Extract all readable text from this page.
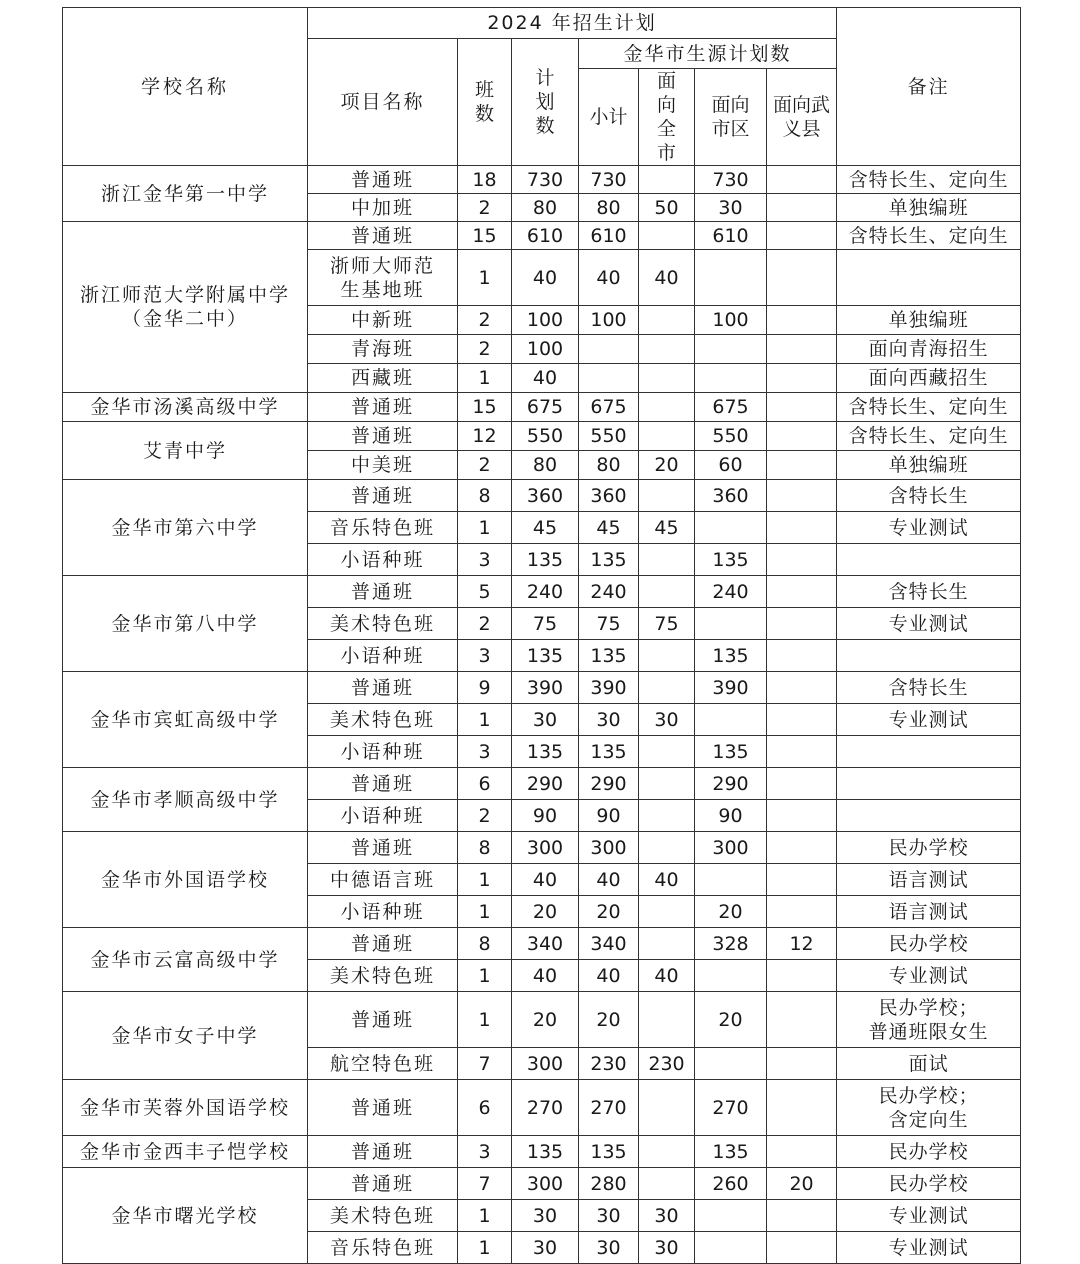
学校名称	2024 年招生计划							备注
	项目名称	班数	计划数	金华市生源计划数				
				小计	面向全市	面向市区	面向武义县	

浙江金华第一中学	普通班	18	730	730		730		含特长生、定向生
	中加班	2	80	80	50	30		单独编班

浙江师范大学附属中学
（金华二中）	普通班	15	610	610		610		含特长生、定向生

	浙师大师范
生基地班	1	40	40	40			
	中新班	2	100	100		100		单独编班
	青海班	2	100					面向青海招生
	西藏班	1	40					面向西藏招生

金华市汤溪高级中学	普通班	15	675	675		675		含特长生、定向生

艾青中学	普通班	12	550	550		550		含特长生、定向生
	中美班	2	80	80	20	60		单独编班

金华市第六中学	普通班	8	360	360		360		含特长生
	音乐特色班	1	45	45	45			专业测试
	小语种班	3	135	135		135		

金华市第八中学	普通班	5	240	240		240		含特长生
	美术特色班	2	75	75	75			专业测试
	小语种班	3	135	135		135		

金华市宾虹高级中学	普通班	9	390	390		390		含特长生
	美术特色班	1	30	30	30			专业测试
	小语种班	3	135	135		135		

金华市孝顺高级中学	普通班	6	290	290		290		
	小语种班	2	90	90		90		

金华市外国语学校	普通班	8	300	300		300		民办学校
	中德语言班	1	40	40	40			语言测试
	小语种班	1	20	20		20		语言测试

金华市云富高级中学	普通班	8	340	340		328	12	民办学校
	美术特色班	1	40	40	40			专业测试

金华市女子中学	普通班	1	20	20		20		民办学校；
普通班限女生

	航空特色班	7	300	230	230			面试

金华市芙蓉外国语学校	普通班	6	270	270		270		民办学校；
含定向生

金华市金西丰子恺学校	普通班	3	135	135		135		民办学校

金华市曙光学校	普通班	7	300	280		260	20	民办学校
	美术特色班	1	30	30	30			专业测试
	音乐特色班	1	30	30	30			专业测试
